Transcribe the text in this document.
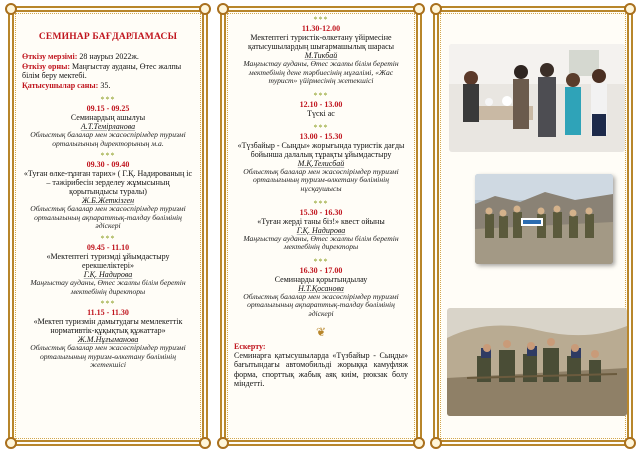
СЕМИНАР БАҒДАРЛАМАСЫ

Өткізу мерзімі: 28 наурыз 2022ж.

Өткізу орны: Маңғыстау ауданы, Өтес жалпы білім беру мектебі.

Қатысушылар саны: 35.

***
09.15 - 09.25
Семинардың ашылуы
А.Т.Темірланова
Облыстық балалар мен жасөспірімдер туризмі орталығының директорының м.а.
***
09.30 - 09.40
«Туған өлке-тұнған тарих» ( Г.Қ. Надированың іс – тәжірибесін зерделеу жұмысының қорытындысы туралы)
Ж.Б.Жеткізген
Облыстық балалар мен жасөспірімдер туризмі орталығының ақпараттық-талдау бөлімінің әдіскері
***
09.45 - 11.10
«Мектептегі туризмді ұйымдастыру ерекшеліктері»
Г.Қ. Надирова
Маңғыстау ауданы, Өтес жалпы білім беретін мектебінің директоры
***
11.15 - 11.30
«Мектеп туризмін дамытудағы мемлекеттік нормативтік-құқықтық құжаттар»
Ж.М.Нұғыманова
Облыстық балалар мен жасөспірімдер туризмі орталығының туризм-өлкетану бөлімінің жетекшісі
***
11.30-12.00
Мектептегі туристік-өлкетану үйірмесіне қатысушылардың шығармашылық шарасы
М.Тикбай
Маңғыстау ауданы, Өтес жалпы білім беретін мектебінің дене тәрбиесінің мұғалімі, «Жас турист» үйірмесінің жетекшісі
***
12.10 - 13.00
Түскі ас
***
13.00 - 15.30
«Түзбайыр - Сыңды» жорығында туристік дағды бойынша далалық тұрақты ұйымдастыру
М.Қ.Телисбай
Облыстық балалар мен жасөспірімдер туризмі орталығының туризм-өлкетану бөлімінің нұсқаушысы
***
15.30 - 16.30
«Туған жерді таны біз!» квест ойыны
Г.Қ. Надирова
Маңғыстау ауданы, Өтес жалпы білім беретін мектебінің директоры
***
16.30 - 17.00
Семинарды қорытындылау
Н.Т.Қосанова
Облыстық балалар мен жасөспірімдер туризмі орталығының ақпараттық-талдау бөлімінің әдіскері
❦
Ескерту:
Семинарға қатысушыларда «Түзбайыр - Сыңды» бағытындағы автомобильді жорыққа камуфляж форма, спорттық жабық аяқ киім, рюкзак болу міндетті.
